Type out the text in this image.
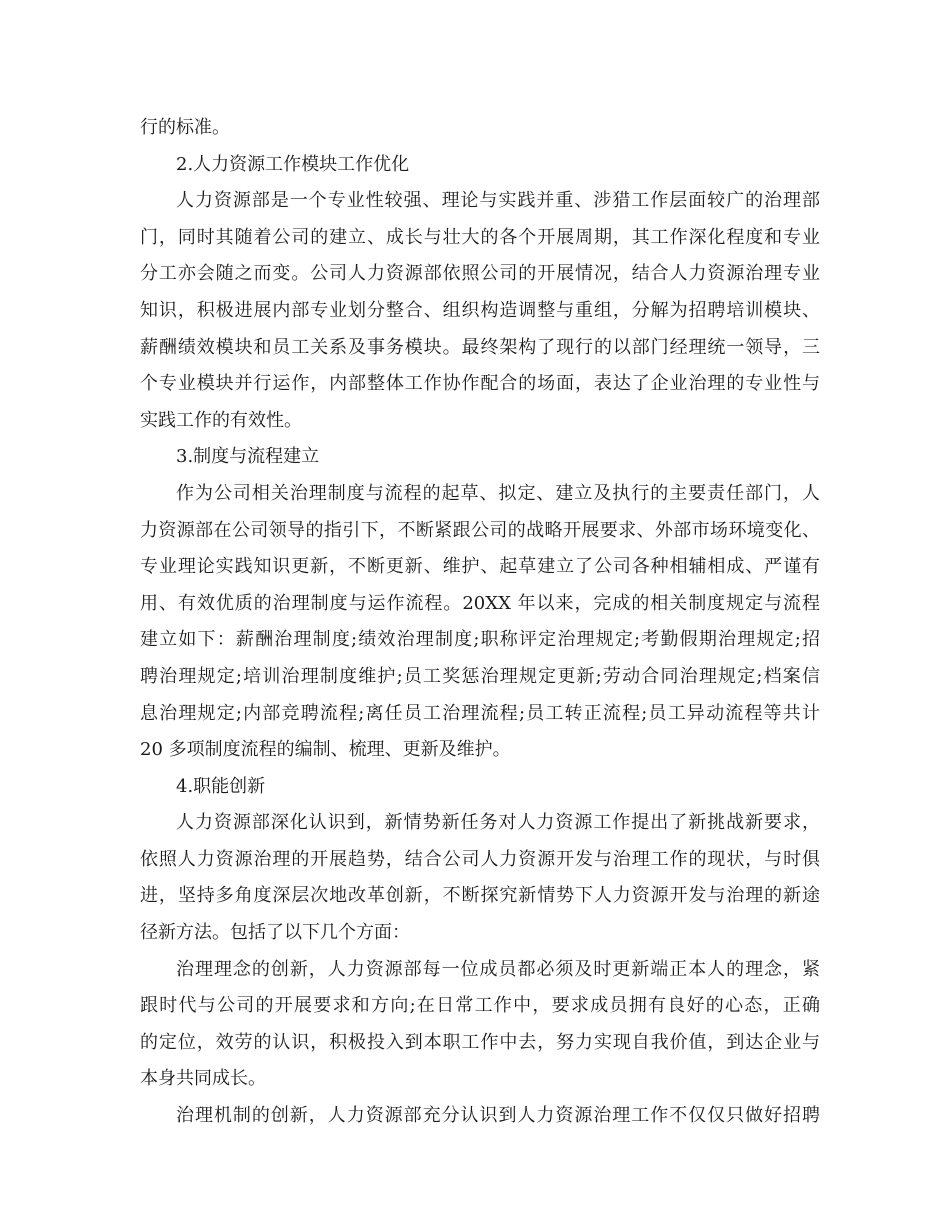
行的标准。
2.人力资源工作模块工作优化
人力资源部是一个专业性较强、理论与实践并重、涉猎工作层面较广的治理部
门，同时其随着公司的建立、成长与壮大的各个开展周期，其工作深化程度和专业
分工亦会随之而变。公司人力资源部依照公司的开展情况，结合人力资源治理专业
知识，积极进展内部专业划分整合、组织构造调整与重组，分解为招聘培训模块、
薪酬绩效模块和员工关系及事务模块。最终架构了现行的以部门经理统一领导，三
个专业模块并行运作，内部整体工作协作配合的场面，表达了企业治理的专业性与
实践工作的有效性。
3.制度与流程建立
作为公司相关治理制度与流程的起草、拟定、建立及执行的主要责任部门，人
力资源部在公司领导的指引下，不断紧跟公司的战略开展要求、外部市场环境变化、
专业理论实践知识更新，不断更新、维护、起草建立了公司各种相辅相成、严谨有
用、有效优质的治理制度与运作流程。20XX 年以来，完成的相关制度规定与流程
建立如下：薪酬治理制度;绩效治理制度;职称评定治理规定;考勤假期治理规定;招
聘治理规定;培训治理制度维护;员工奖惩治理规定更新;劳动合同治理规定;档案信
息治理规定;内部竞聘流程;离任员工治理流程;员工转正流程;员工异动流程等共计
20 多项制度流程的编制、梳理、更新及维护。
4.职能创新
人力资源部深化认识到，新情势新任务对人力资源工作提出了新挑战新要求，
依照人力资源治理的开展趋势，结合公司人力资源开发与治理工作的现状，与时俱
进，坚持多角度深层次地改革创新，不断探究新情势下人力资源开发与治理的新途
径新方法。包括了以下几个方面：
治理理念的创新，人力资源部每一位成员都必须及时更新端正本人的理念，紧
跟时代与公司的开展要求和方向;在日常工作中，要求成员拥有良好的心态，正确
的定位，效劳的认识，积极投入到本职工作中去，努力实现自我价值，到达企业与
本身共同成长。
治理机制的创新，人力资源部充分认识到人力资源治理工作不仅仅只做好招聘
